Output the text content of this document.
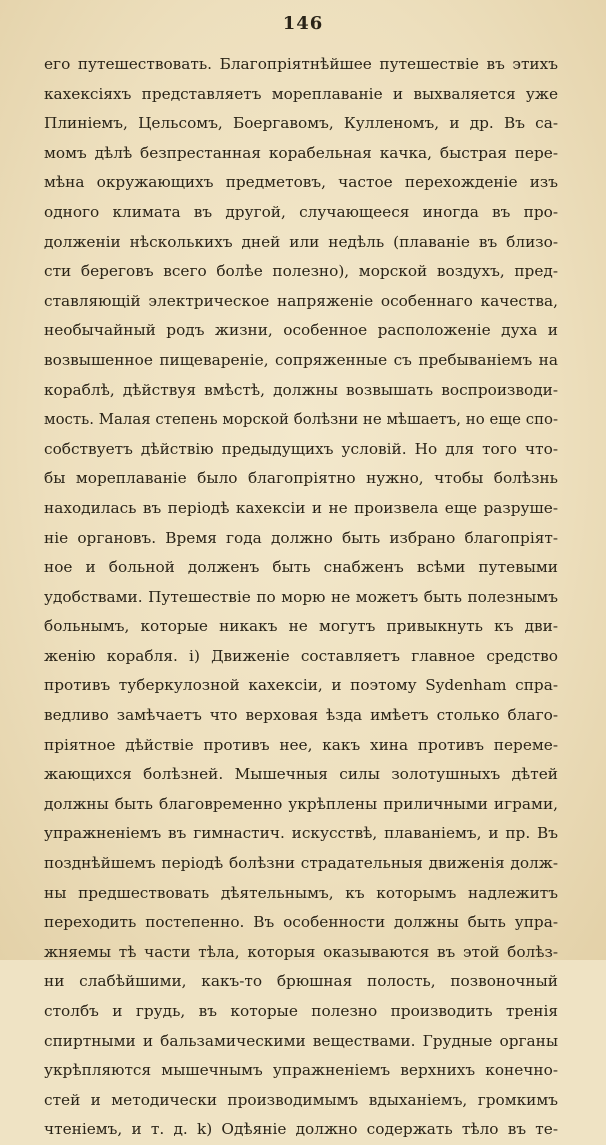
146
его путешествовать. Благопріятнѣйшее путешествіе въ этихъ
кахексіяхъ представляетъ мореплаваніе и выхваляется уже
Плиніемъ, Цельсомъ, Боергавомъ, Кулленомъ, и др. Въ са-
момъ дѣлѣ безпрестанная корабельная качка, быстрая пере-
мѣна окружающихъ предметовъ, частое перехожденіе изъ
одного климата въ другой, случающееся иногда въ про-
долженіи нѣсколькихъ дней или недѣль (плаваніе въ близо-
сти береговъ всего болѣе полезно), морской воздухъ, пред-
ставляющій электрическое напряженіе особеннаго качества,
необычайный родъ жизни, особенное расположеніе духа и
возвышенное пищевареніе, сопряженные съ пребываніемъ на
кораблѣ, дѣйствуя вмѣстѣ, должны возвышать воспроизводи-
мость. Малая степень морской болѣзни не мѣшаетъ, но еще спо-
собствуетъ дѣйствію предыдущихъ условій. Но для того что-
бы мореплаваніе было благопріятно нужно, чтобы болѣзнь
находилась въ періодѣ кахексіи и не произвела еще разруше-
ніе органовъ. Время года должно быть избрано благопріят-
ное и больной долженъ быть снабженъ всѣми путевыми
удобствами. Путешествіе по морю не можетъ быть полезнымъ
больнымъ, которые никакъ не могутъ привыкнуть къ дви-
женію корабля. i) Движеніе составляетъ главное средство
противъ туберкулозной кахексіи, и поэтому Sydenham спра-
ведливо замѣчаетъ что верховая ѣзда имѣетъ столько благо-
пріятное дѣйствіе противъ нее, какъ хина противъ переме-
жающихся болѣзней. Мышечныя силы золотушныхъ дѣтей
должны быть благовременно укрѣплены приличными играми,
упражненіемъ въ гимнастич. искусствѣ, плаваніемъ, и пр. Въ
позднѣйшемъ періодѣ болѣзни страдательныя движенія долж-
ны предшествовать дѣятельнымъ, къ которымъ надлежитъ
переходить постепенно. Въ особенности должны быть упра-
жняемы тѣ части тѣла, которыя оказываются въ этой болѣз-
ни слабѣйшими, какъ-то брюшная полость, позвоночный
столбъ и грудь, въ которые полезно производить тренія
спиртными и бальзамическими веществами. Грудные органы
укрѣпляются мышечнымъ упражненіемъ верхнихъ конечно-
стей и методически производимымъ вдыханіемъ, громкимъ
чтеніемъ, и т. д. k) Одѣяніе должно содержать тѣло въ те-
